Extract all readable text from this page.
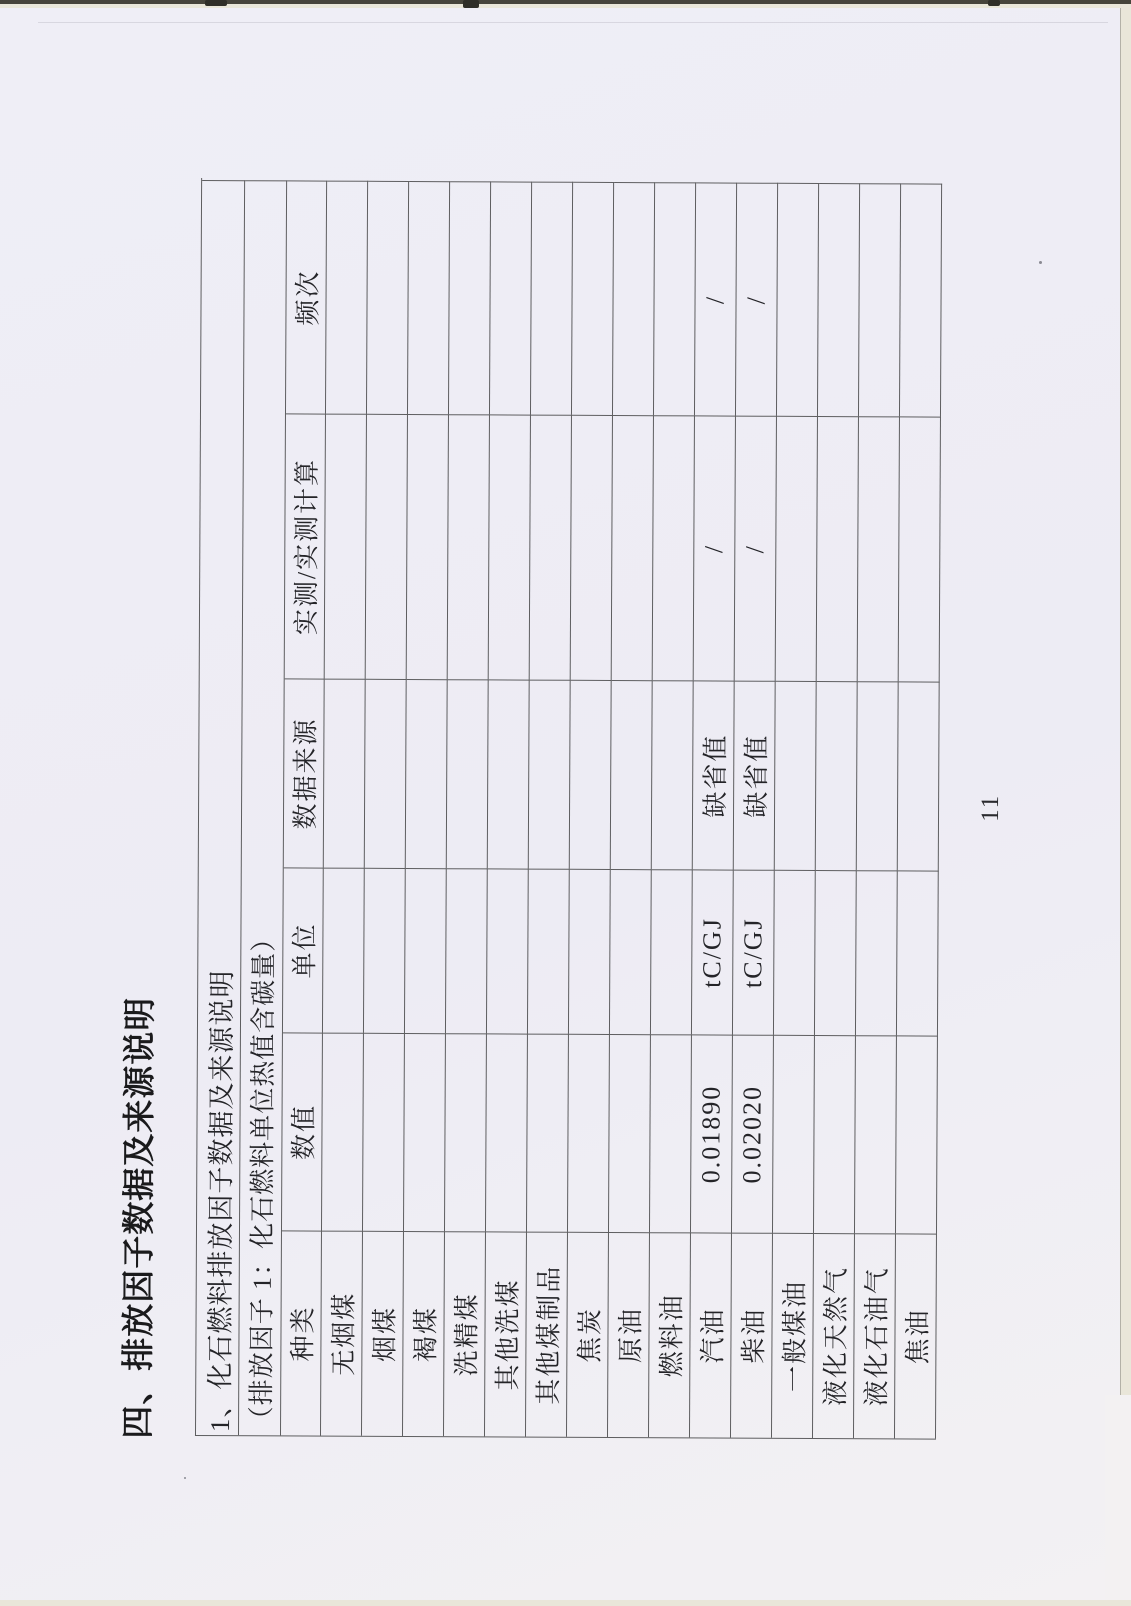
四、排放因子数据及来源说明	1、化石燃料排放因子数据及来源说明 （排放因子 1：化石燃料单位热值含碳量） 种类
数值
单位
数据来源
实测/实测计算
频次
无烟煤 烟煤 褐煤 洗精煤 其他洗煤 其他煤制品 焦炭 原油 燃料油 汽油
0.01890
tC/GJ
缺省值
/
/
柴油
0.02020
tC/GJ
缺省值
/
/
一般煤油 液化天然气 液化石油气 焦油
11
